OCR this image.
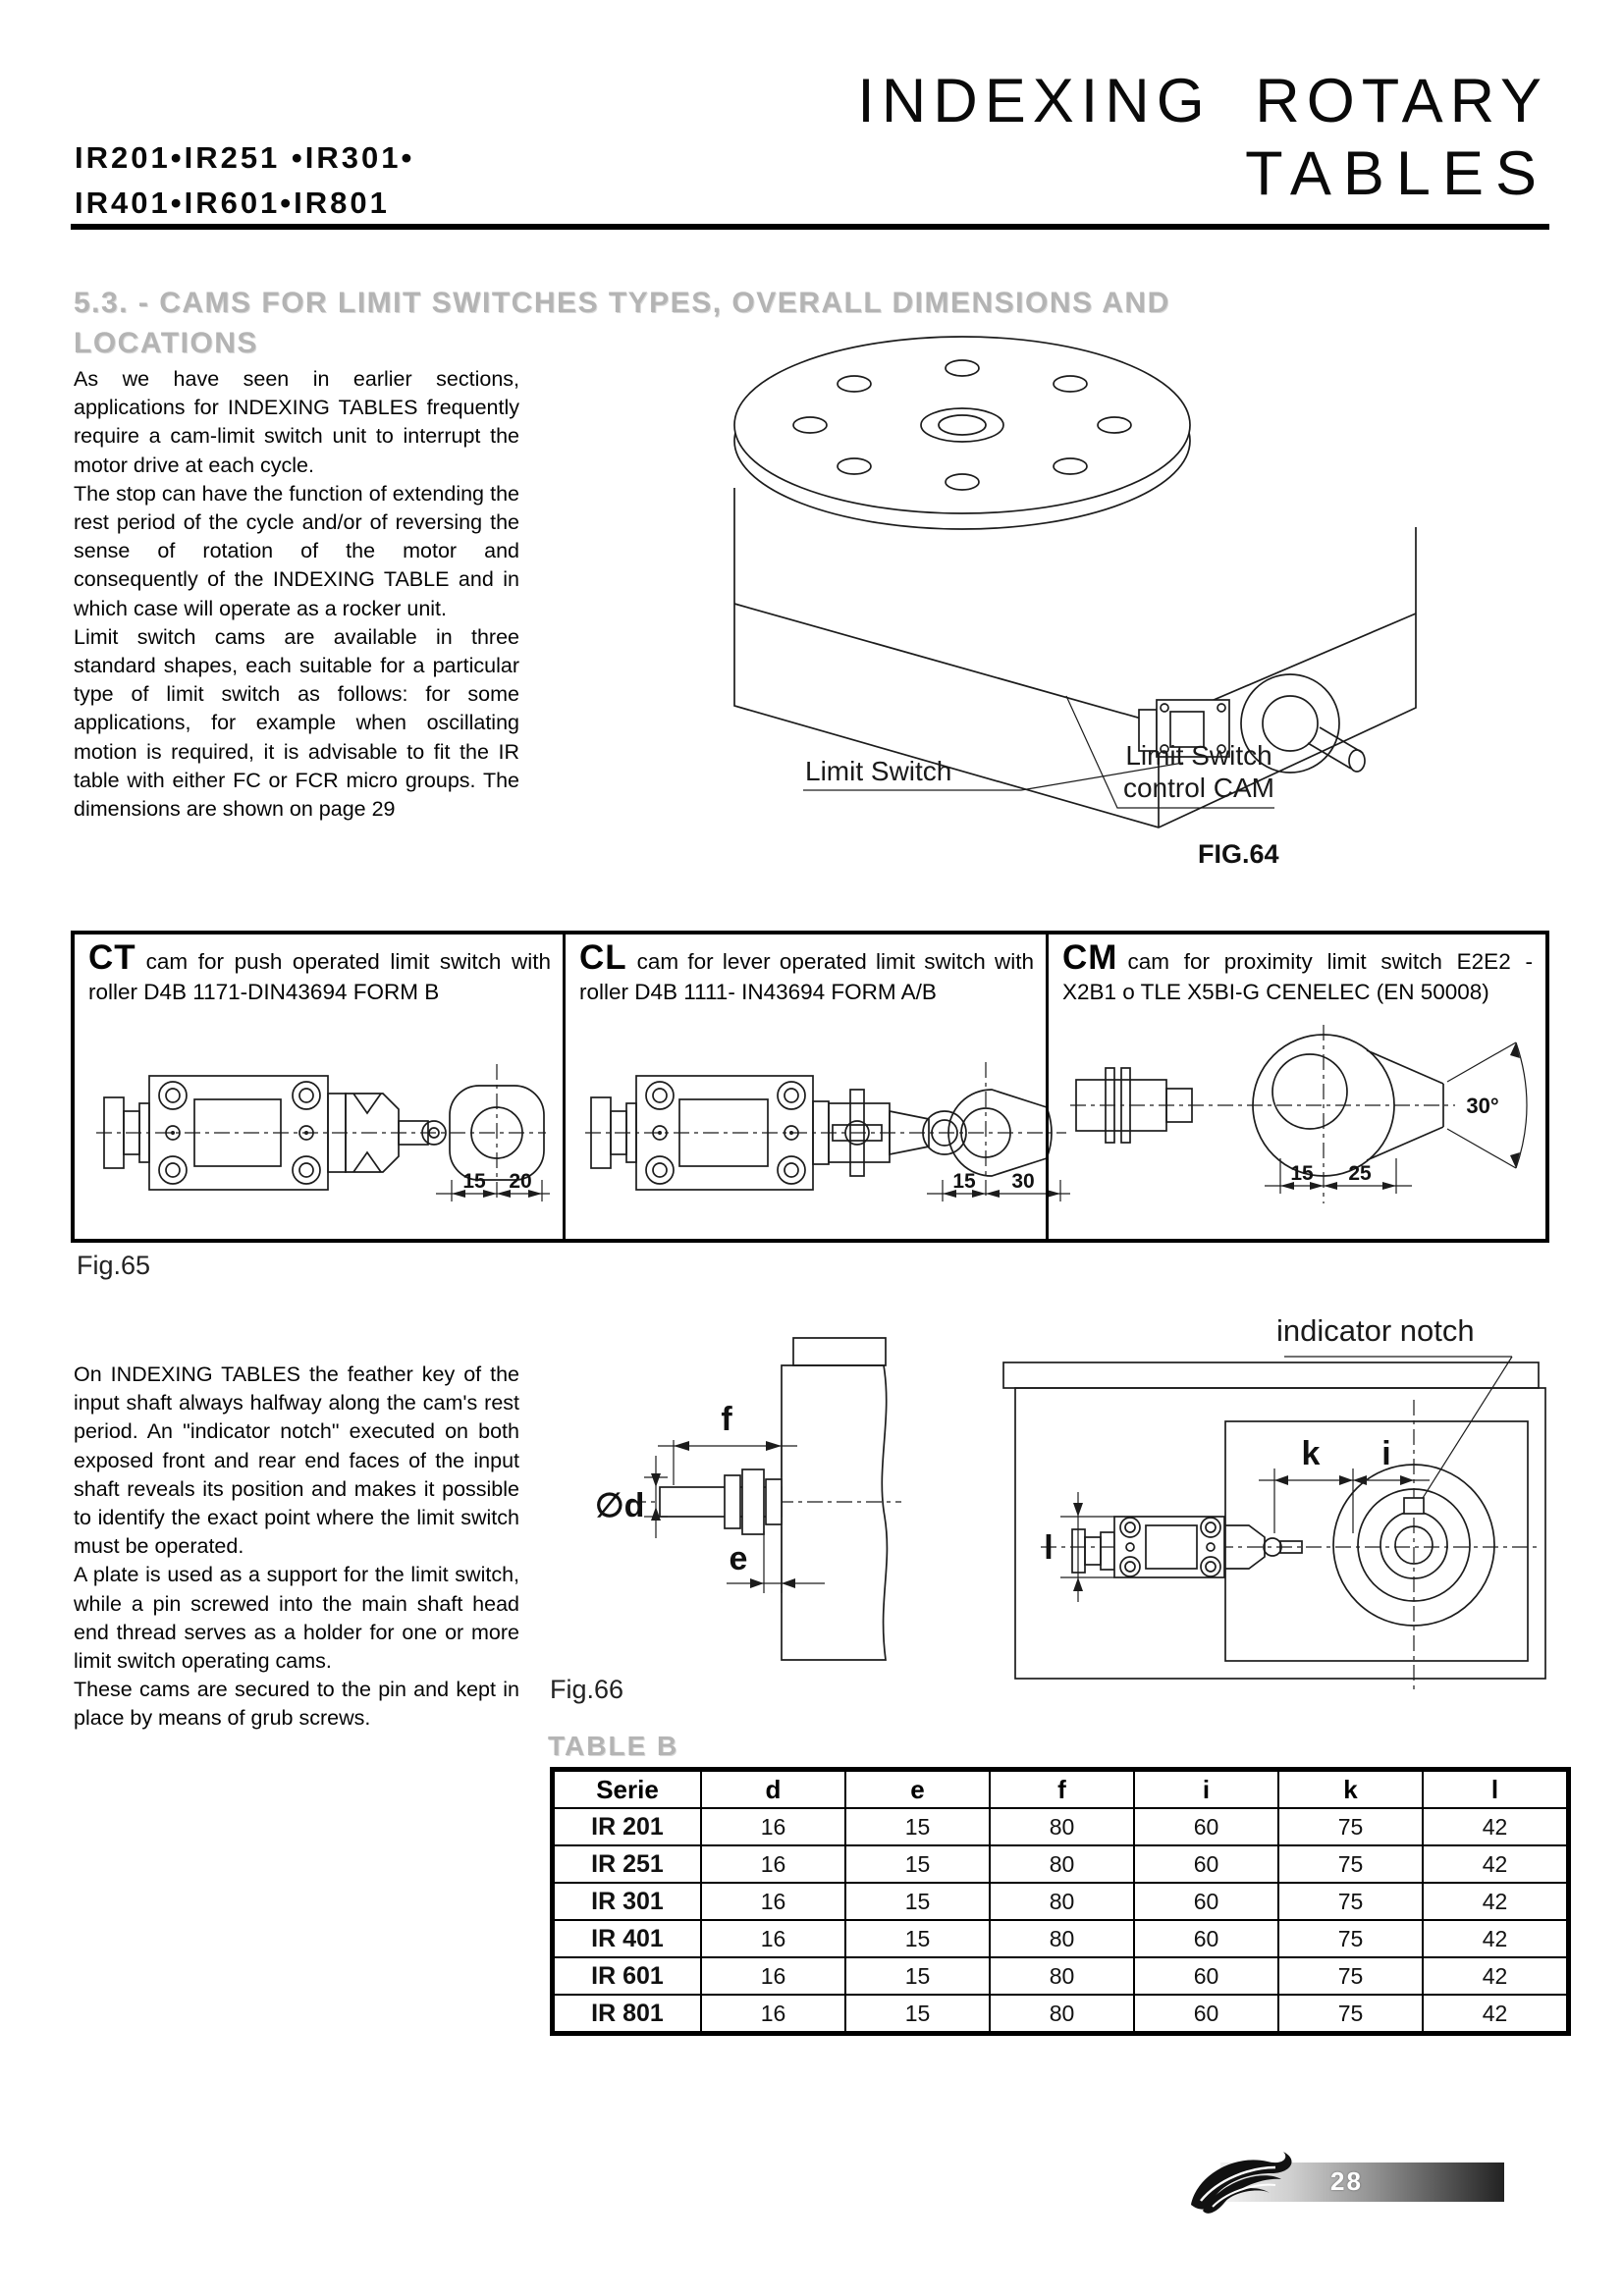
IR201•IR251 •IR301•
IR401•IR601•IR801
INDEXING ROTARY
TABLES
5.3. - CAMS FOR LIMIT SWITCHES TYPES, OVERALL DIMENSIONS AND
LOCATIONS

As we have seen in earlier sections, applications for INDEXING TABLES frequently require a cam-limit switch unit to interrupt the motor drive at each cycle.

The stop can have the function of extending the rest period of the cycle and/or of reversing the sense of rotation of the motor and consequently of the INDEXING TABLE and in which case will operate as a rocker unit.

Limit switch cams are available in three standard shapes, each suitable for a particular type of limit switch as follows: for some applications, for example when oscillating motion is required, it is advisable to fit the IR table with either FC or FCR micro groups. The dimensions are shown on page 29

Limit Switch
Limit Switch
control CAM
FIG.64

CT cam for push operated limit switch with roller D4B 1171-DIN43694 FORM B

15 20

CL cam for lever operated limit switch with roller D4B 1111- IN43694 FORM A/B

15 30

CM cam for proximity limit switch E2E2 - X2B1 o TLE X5BI-G CENELEC (EN 50008)

30°
15 25
Fig.65

On INDEXING TABLES the feather key of the input shaft always halfway along the cam's rest period. An "indicator notch" executed on both exposed front and rear end faces of the input shaft reveals its position and makes it possible to identify the exact point where the limit switch must be operated.

A plate is used as a support for the limit switch, while a pin screwed into the main shaft head end thread serves as a holder for one or more limit switch operating cams.

These cams are secured to the pin and kept in place by means of grub screws.

f
∅d
e
Fig.66
k i
l
indicator notch
TABLE B
Serie	d	e	f	i	k	l
IR 201	16	15	80	60	75	42
IR 251	16	15	80	60	75	42
IR 301	16	15	80	60	75	42
IR 401	16	15	80	60	75	42
IR 601	16	15	80	60	75	42
IR 801	16	15	80	60	75	42
28
